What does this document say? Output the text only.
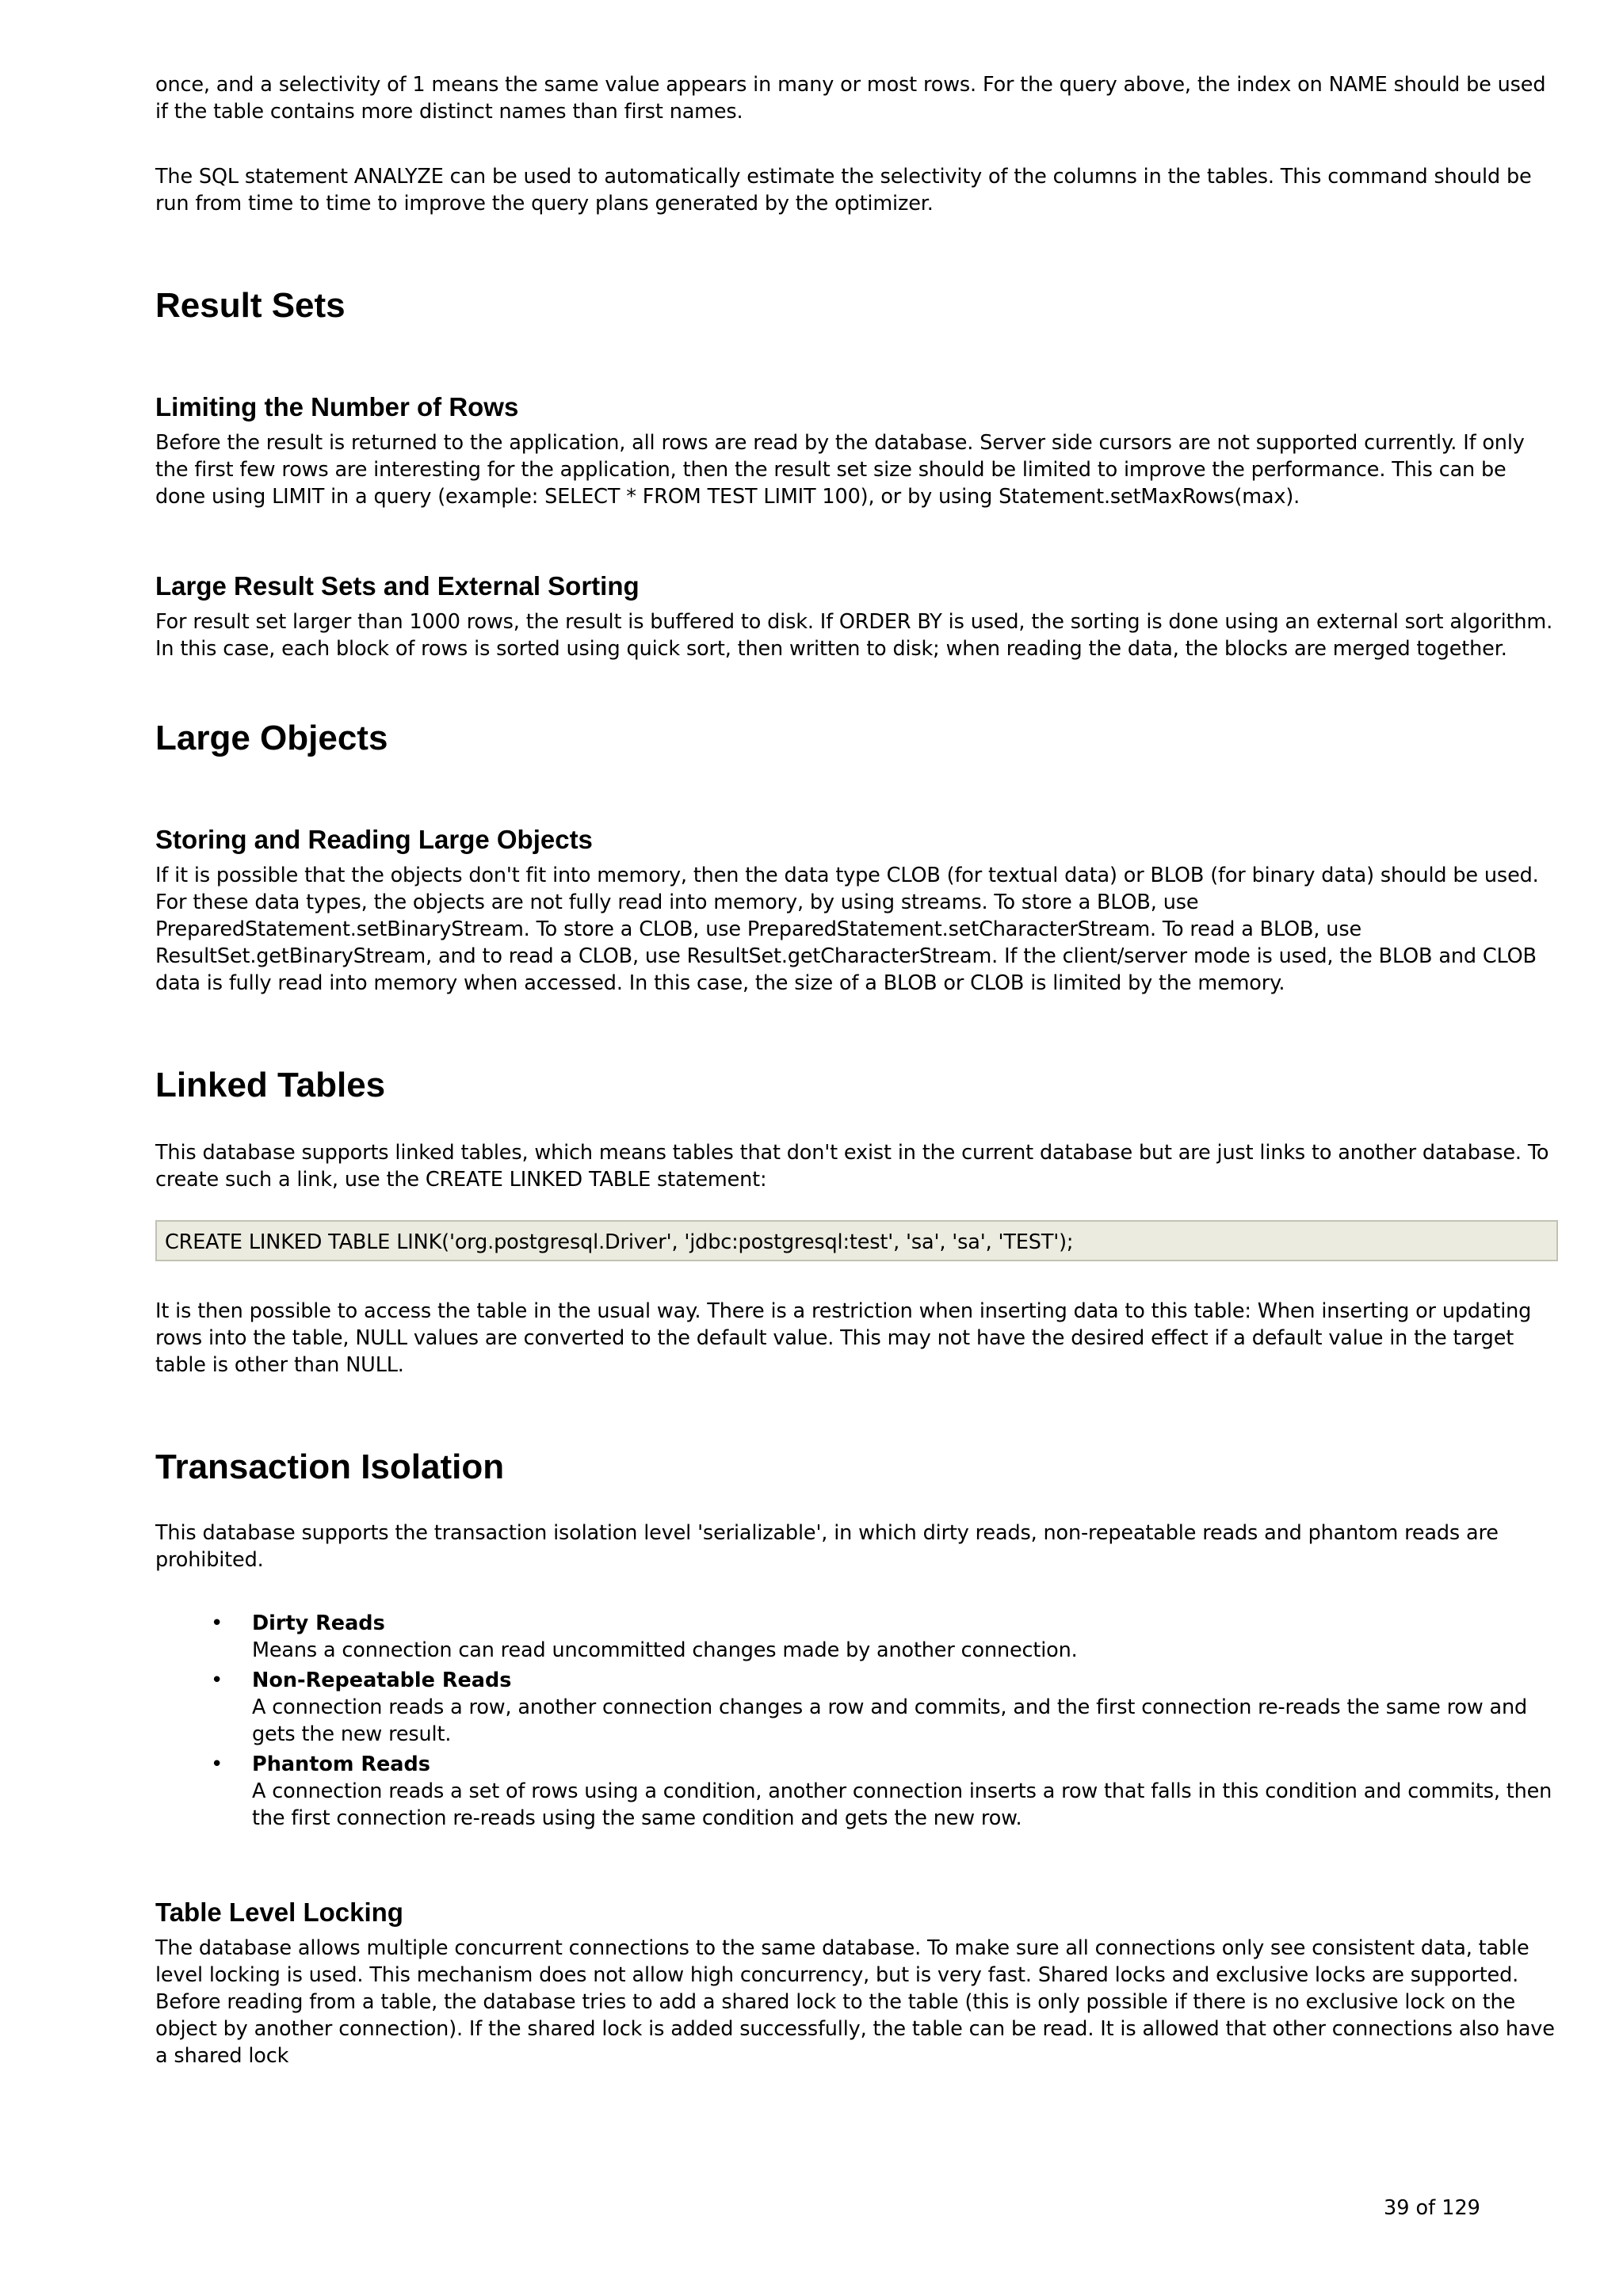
once, and a selectivity of 1 means the same value appears in many or most rows. For the query above, the index on NAME should be used if the table contains more distinct names than first names.

The SQL statement ANALYZE can be used to automatically estimate the selectivity of the columns in the tables. This command should be run from time to time to improve the query plans generated by the optimizer.

Result Sets
Limiting the Number of Rows

Before the result is returned to the application, all rows are read by the database. Server side cursors are not supported currently. If only the first few rows are interesting for the application, then the result set size should be limited to improve the performance. This can be done using LIMIT in a query (example: SELECT * FROM TEST LIMIT 100), or by using Statement.setMaxRows(max).

Large Result Sets and External Sorting

For result set larger than 1000 rows, the result is buffered to disk. If ORDER BY is used, the sorting is done using an external sort algorithm. In this case, each block of rows is sorted using quick sort, then written to disk; when reading the data, the blocks are merged together.

Large Objects
Storing and Reading Large Objects

If it is possible that the objects don't fit into memory, then the data type CLOB (for textual data) or BLOB (for binary data) should be used. For these data types, the objects are not fully read into memory, by using streams. To store a BLOB, use PreparedStatement.setBinaryStream. To store a CLOB, use PreparedStatement.setCharacterStream. To read a BLOB, use ResultSet.getBinaryStream, and to read a CLOB, use ResultSet.getCharacterStream. If the client/server mode is used, the BLOB and CLOB data is fully read into memory when accessed. In this case, the size of a BLOB or CLOB is limited by the memory.

Linked Tables

This database supports linked tables, which means tables that don't exist in the current database but are just links to another database. To create such a link, use the CREATE LINKED TABLE statement:

CREATE LINKED TABLE LINK('org.postgresql.Driver', 'jdbc:postgresql:test', 'sa', 'sa', 'TEST');

It is then possible to access the table in the usual way. There is a restriction when inserting data to this table: When inserting or updating rows into the table, NULL values are converted to the default value. This may not have the desired effect if a default value in the target table is other than NULL.

Transaction Isolation

This database supports the transaction isolation level 'serializable', in which dirty reads, non-repeatable reads and phantom reads are prohibited.

• Dirty Reads
Means a connection can read uncommitted changes made by another connection.
• Non-Repeatable Reads
A connection reads a row, another connection changes a row and commits, and the first connection re-reads the same row and gets the new result.
• Phantom Reads
A connection reads a set of rows using a condition, another connection inserts a row that falls in this condition and commits, then the first connection re-reads using the same condition and gets the new row.
Table Level Locking

The database allows multiple concurrent connections to the same database. To make sure all connections only see consistent data, table level locking is used. This mechanism does not allow high concurrency, but is very fast. Shared locks and exclusive locks are supported. Before reading from a table, the database tries to add a shared lock to the table (this is only possible if there is no exclusive lock on the object by another connection). If the shared lock is added successfully, the table can be read. It is allowed that other connections also have a shared lock

39 of 129
